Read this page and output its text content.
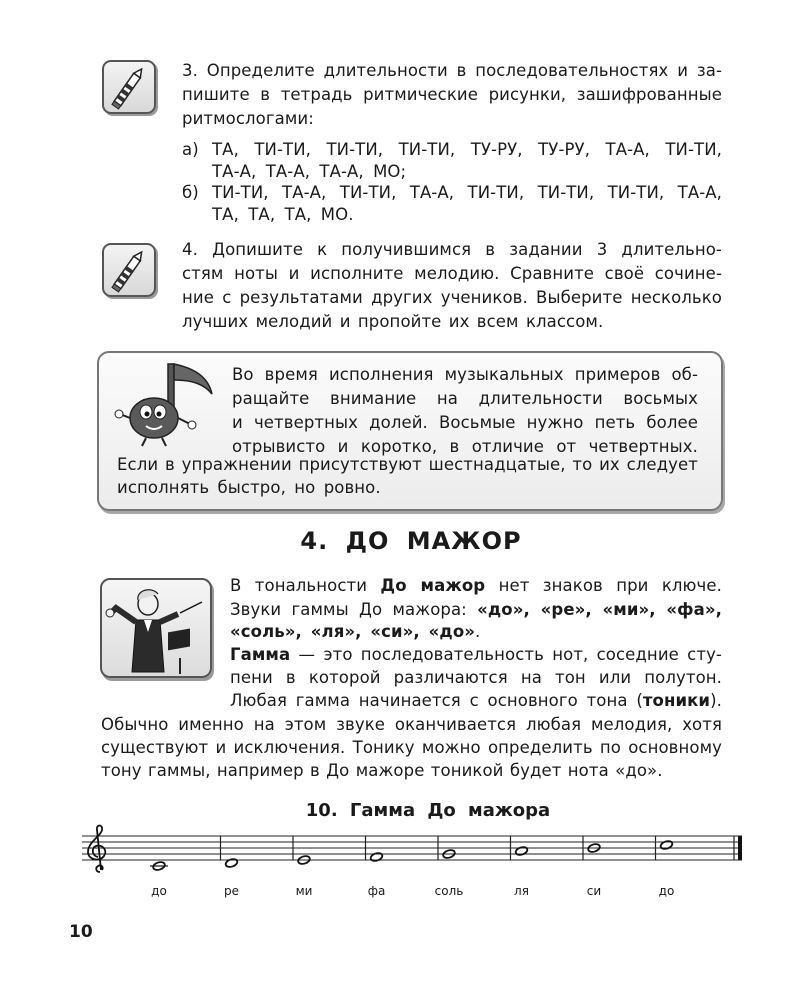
3. Определите длительности в последовательностях и за-
пишите в тетрадь ритмические рисунки, зашифрованные
ритмослогами:
а) ТА, ТИ-ТИ, ТИ-ТИ, ТИ-ТИ, ТУ-РУ, ТУ-РУ, ТА-А, ТИ-ТИ,
ТА-А, ТА-А, ТА-А, МО;
б) ТИ-ТИ, ТА-А, ТИ-ТИ, ТА-А, ТИ-ТИ, ТИ-ТИ, ТИ-ТИ, ТА-А,
ТА, ТА, ТА, МО.
4. Допишите к получившимся в задании 3 длительно-
стям ноты и исполните мелодию. Сравните своё сочине-
ние с результатами других учеников. Выберите несколько
лучших мелодий и пропойте их всем классом.
Во время исполнения музыкальных примеров об-
ращайте внимание на длительности восьмых
и четвертных долей. Восьмые нужно петь более
отрывисто и коротко, в отличие от четвертных.
Если в упражнении присутствуют шестнадцатые, то их следует
исполнять быстро, но ровно.
4. ДО МАЖОР
В тональности До мажор нет знаков при ключе.
Звуки гаммы До мажора: «до», «ре», «ми», «фа»,
«соль», «ля», «си», «до».
Гамма — это последовательность нот, соседние сту-
пени в которой различаются на тон или полутон.
Любая гамма начинается с основного тона (тоники).
Обычно именно на этом звуке оканчивается любая мелодия, хотя
существуют и исключения. Тонику можно определить по основному
тону гаммы, например в До мажоре тоникой будет нота «до».
10. Гамма До мажора
до	ре	ми	фа	соль	ля	си	до
10
